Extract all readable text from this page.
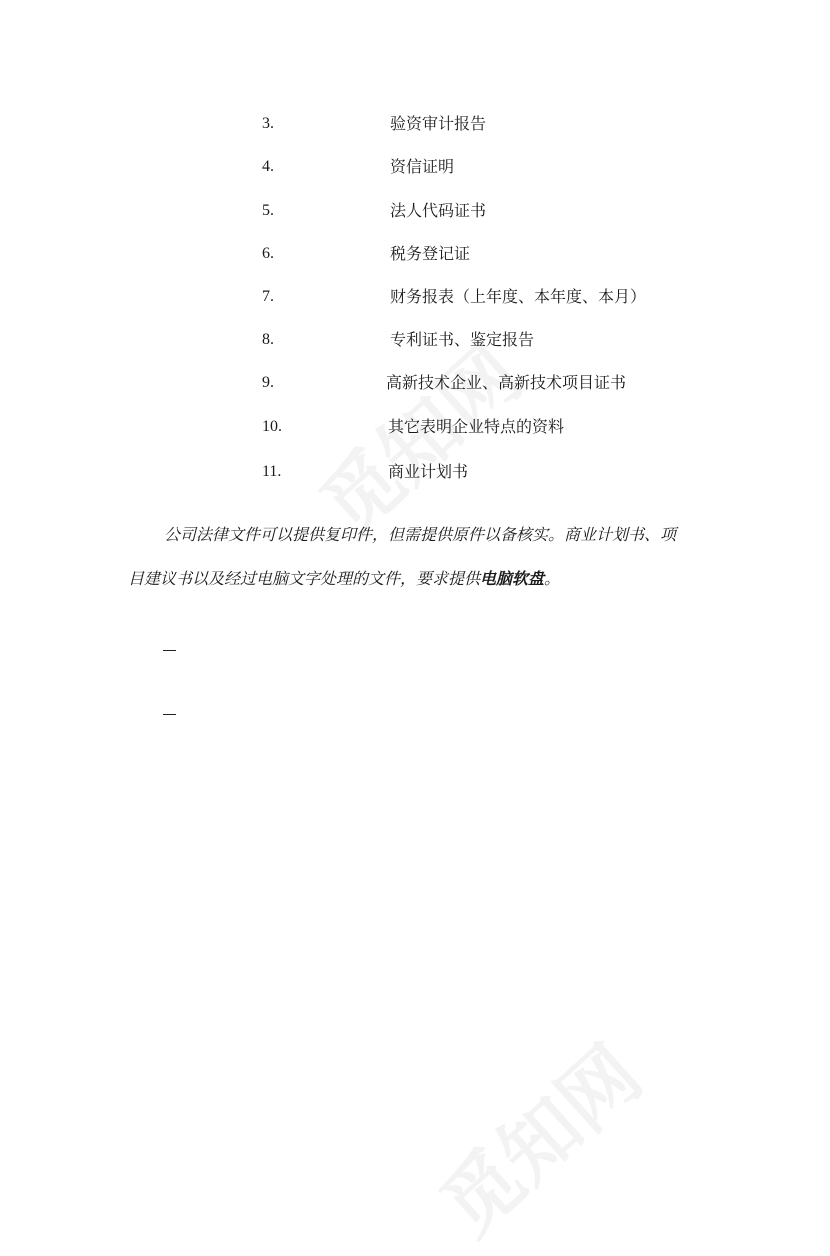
3.	验资审计报告
4.	资信证明
5.	法人代码证书
6.	税务登记证
7.	财务报表（上年度、本年度、本月）
8.	专利证书、鉴定报告
9.	高新技术企业、高新技术项目证书
10.	其它表明企业特点的资料
11.	商业计划书
公司法律文件可以提供复印件，但需提供原件以备核实。商业计划书、项
目建议书以及经过电脑文字处理的文件，要求提供电脑软盘。
